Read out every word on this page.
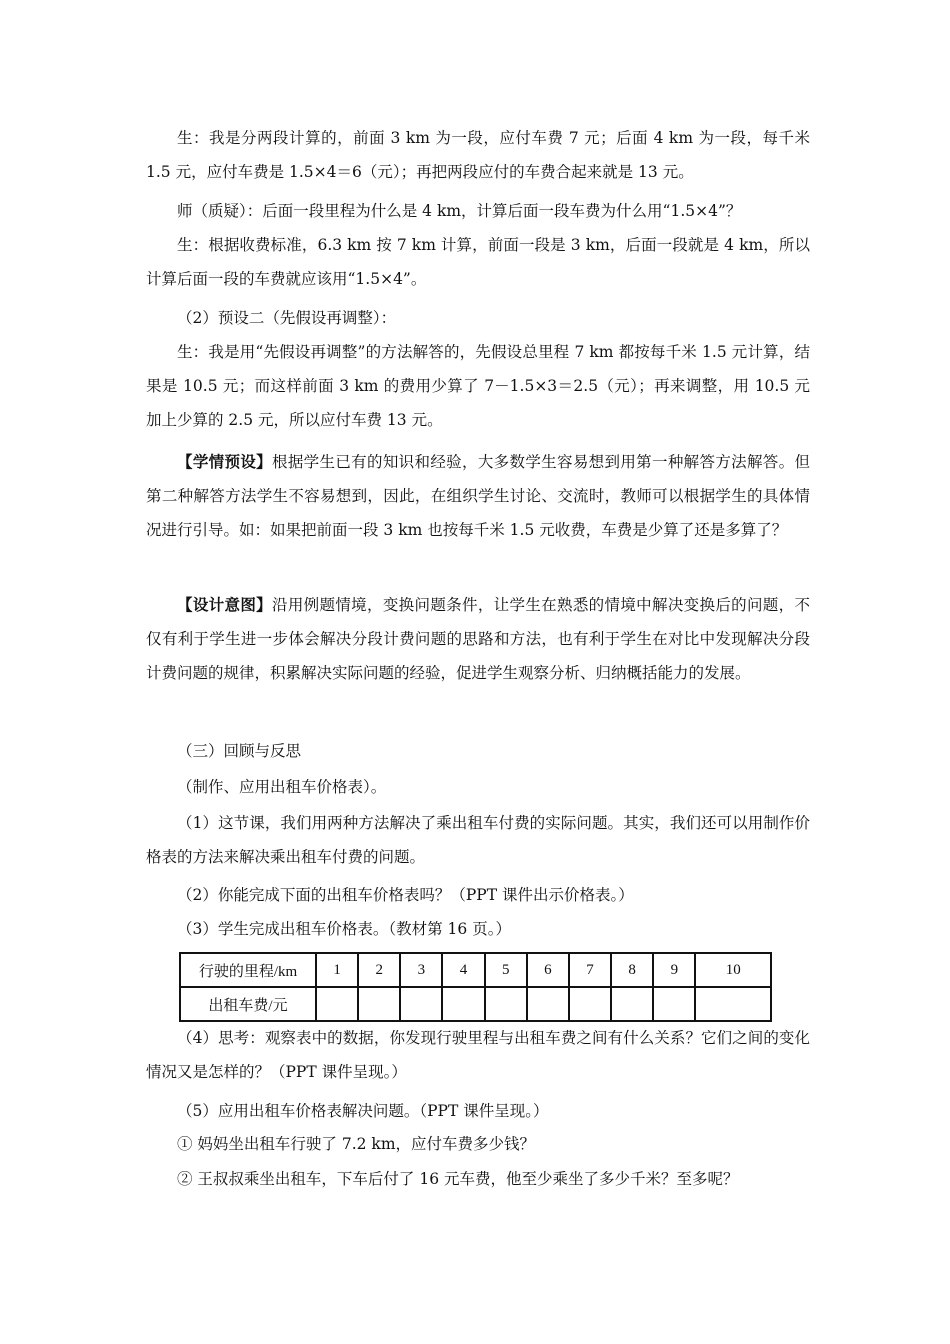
生：我是分两段计算的，前面 3 km 为一段，应付车费 7 元；后面 4 km 为一段，每千米 1.5 元，应付车费是 1.5×4＝6（元）；再把两段应付的车费合起来就是 13 元。

师（质疑）：后面一段里程为什么是 4 km，计算后面一段车费为什么用“1.5×4”？

生：根据收费标准，6.3 km 按 7 km 计算，前面一段是 3 km，后面一段就是 4 km，所以计算后面一段的车费就应该用“1.5×4”。

（2）预设二（先假设再调整）：

生：我是用“先假设再调整”的方法解答的，先假设总里程 7 km 都按每千米 1.5 元计算，结果是 10.5 元；而这样前面 3 km 的费用少算了 7－1.5×3＝2.5（元）；再来调整，用 10.5 元加上少算的 2.5 元，所以应付车费 13 元。

【学情预设】根据学生已有的知识和经验，大多数学生容易想到用第一种解答方法解答。但第二种解答方法学生不容易想到，因此，在组织学生讨论、交流时，教师可以根据学生的具体情况进行引导。如：如果把前面一段 3 km 也按每千米 1.5 元收费，车费是少算了还是多算了？

【设计意图】沿用例题情境，变换问题条件，让学生在熟悉的情境中解决变换后的问题，不仅有利于学生进一步体会解决分段计费问题的思路和方法，也有利于学生在对比中发现解决分段计费问题的规律，积累解决实际问题的经验，促进学生观察分析、归纳概括能力的发展。

（三）回顾与反思

（制作、应用出租车价格表）。

（1）这节课，我们用两种方法解决了乘出租车付费的实际问题。其实，我们还可以用制作价格表的方法来解决乘出租车付费的问题。

（2）你能完成下面的出租车价格表吗？（PPT 课件出示价格表。）

（3）学生完成出租车价格表。（教材第 16 页。）

行驶的里程/km	1	2	3	4	5	6	7	8	9	10
出租车费/元										

（4）思考：观察表中的数据，你发现行驶里程与出租车费之间有什么关系？它们之间的变化情况又是怎样的？（PPT 课件呈现。）

（5）应用出租车价格表解决问题。（PPT 课件呈现。）

① 妈妈坐出租车行驶了 7.2 km，应付车费多少钱？

② 王叔叔乘坐出租车，下车后付了 16 元车费，他至少乘坐了多少千米？至多呢？
